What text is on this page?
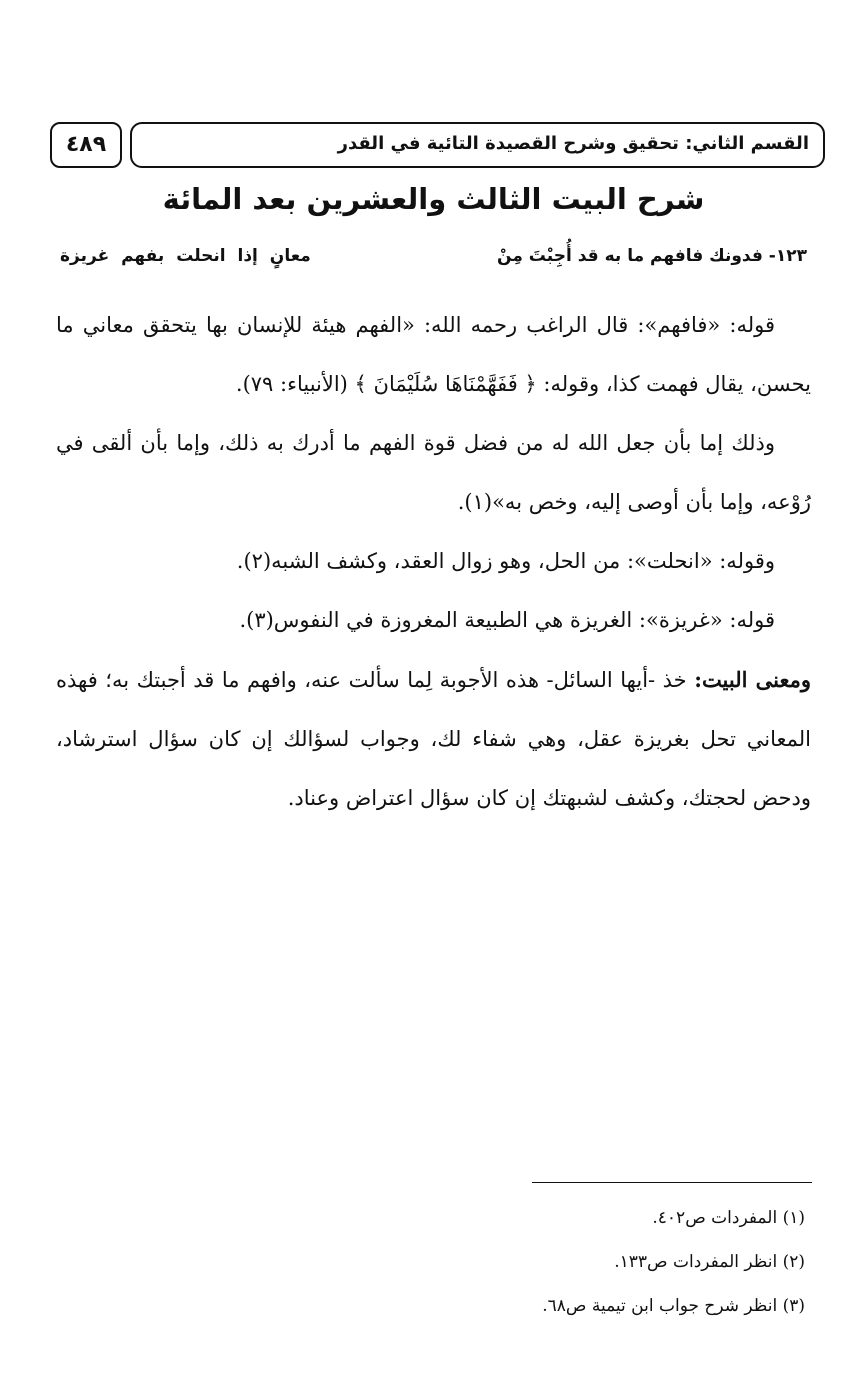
٤٨٩	القسم الثاني: تحقيق وشرح القصيدة التائية في القدر
شرح البيت الثالث والعشرين بعد المائة
١٢٣- فدونك فافهم ما به قد أُجِبْتَ مِنْ
معانٍ إذا انحلت بفهم غريزة

قوله: «فافهم»: قال الراغب رحمه الله: «الفهم هيئة للإنسان بها يتحقق معاني ما يحسن، يقال فهمت كذا، وقوله: ﴿ فَفَهَّمْنَاهَا سُلَيْمَانَ ﴾ (الأنبياء: ٧٩).

وذلك إما بأن جعل الله له من فضل قوة الفهم ما أدرك به ذلك، وإما بأن ألقى في رُوْعه، وإما بأن أوصى إليه، وخص به»(١).

وقوله: «انحلت»: من الحل، وهو زوال العقد، وكشف الشبه(٢).

قوله: «غريزة»: الغريزة هي الطبيعة المغروزة في النفوس(٣).

ومعنى البيت: خذ -أيها السائل- هذه الأجوبة لِما سألت عنه، وافهم ما قد أجبتك به؛ فهذه المعاني تحل بغريزة عقل، وهي شفاء لك، وجواب لسؤالك إن كان سؤال استرشاد، ودحض لحجتك، وكشف لشبهتك إن كان سؤال اعتراض وعناد.

(١) المفردات ص٤٠٢.
(٢) انظر المفردات ص١٣٣.
(٣) انظر شرح جواب ابن تيمية ص٦٨.
